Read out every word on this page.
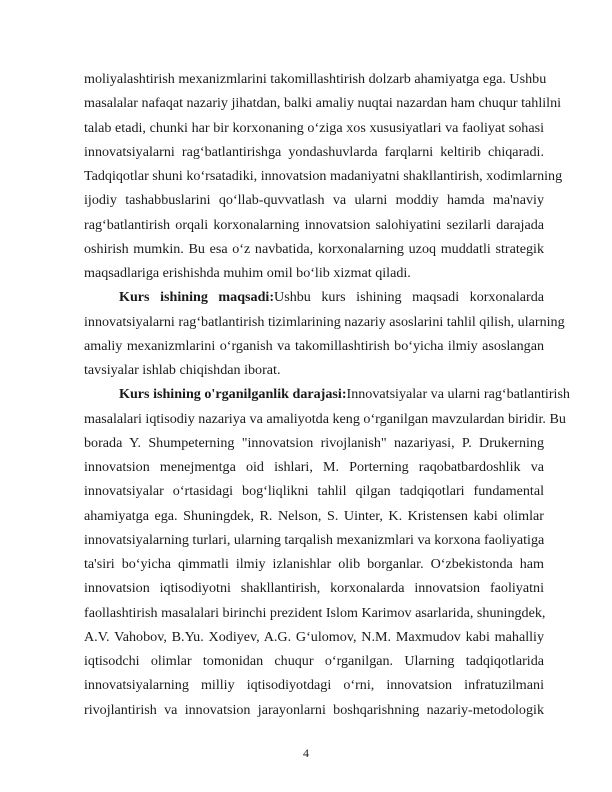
moliyalashtirish mexanizmlarini takomillashtirish dolzarb ahamiyatga ega. Ushbu
masalalar nafaqat nazariy jihatdan, balki amaliy nuqtai nazardan ham chuqur tahlilni
talab etadi, chunki har bir korxonaning o‘ziga xos xususiyatlari va faoliyat sohasi
innovatsiyalarni rag‘batlantirishga yondashuvlarda farqlarni keltirib chiqaradi.
Tadqiqotlar shuni ko‘rsatadiki, innovatsion madaniyatni shakllantirish, xodimlarning
ijodiy tashabbuslarini qo‘llab-quvvatlash va ularni moddiy hamda ma'naviy
rag‘batlantirish orqali korxonalarning innovatsion salohiyatini sezilarli darajada
oshirish mumkin. Bu esa o‘z navbatida, korxonalarning uzoq muddatli strategik
maqsadlariga erishishda muhim omil bo‘lib xizmat qiladi.
Kurs ishining maqsadi:Ushbu kurs ishining maqsadi korxonalarda
innovatsiyalarni rag‘batlantirish tizimlarining nazariy asoslarini tahlil qilish, ularning
amaliy mexanizmlarini o‘rganish va takomillashtirish bo‘yicha ilmiy asoslangan
tavsiyalar ishlab chiqishdan iborat.
Kurs ishining o'rganilganlik darajasi:Innovatsiyalar va ularni rag‘batlantirish
masalalari iqtisodiy nazariya va amaliyotda keng o‘rganilgan mavzulardan biridir. Bu
borada Y. Shumpeterning "innovatsion rivojlanish" nazariyasi, P. Drukerning
innovatsion menejmentga oid ishlari, M. Porterning raqobatbardoshlik va
innovatsiyalar o‘rtasidagi bog‘liqlikni tahlil qilgan tadqiqotlari fundamental
ahamiyatga ega. Shuningdek, R. Nelson, S. Uinter, K. Kristensen kabi olimlar
innovatsiyalarning turlari, ularning tarqalish mexanizmlari va korxona faoliyatiga
ta'siri bo‘yicha qimmatli ilmiy izlanishlar olib borganlar. O‘zbekistonda ham
innovatsion iqtisodiyotni shakllantirish, korxonalarda innovatsion faoliyatni
faollashtirish masalalari birinchi prezident Islom Karimov asarlarida, shuningdek,
A.V. Vahobov, B.Yu. Xodiyev, A.G. G‘ulomov, N.M. Maxmudov kabi mahalliy
iqtisodchi olimlar tomonidan chuqur o‘rganilgan. Ularning tadqiqotlarida
innovatsiyalarning milliy iqtisodiyotdagi o‘rni, innovatsion infratuzilmani
rivojlantirish va innovatsion jarayonlarni boshqarishning nazariy-metodologik
4
